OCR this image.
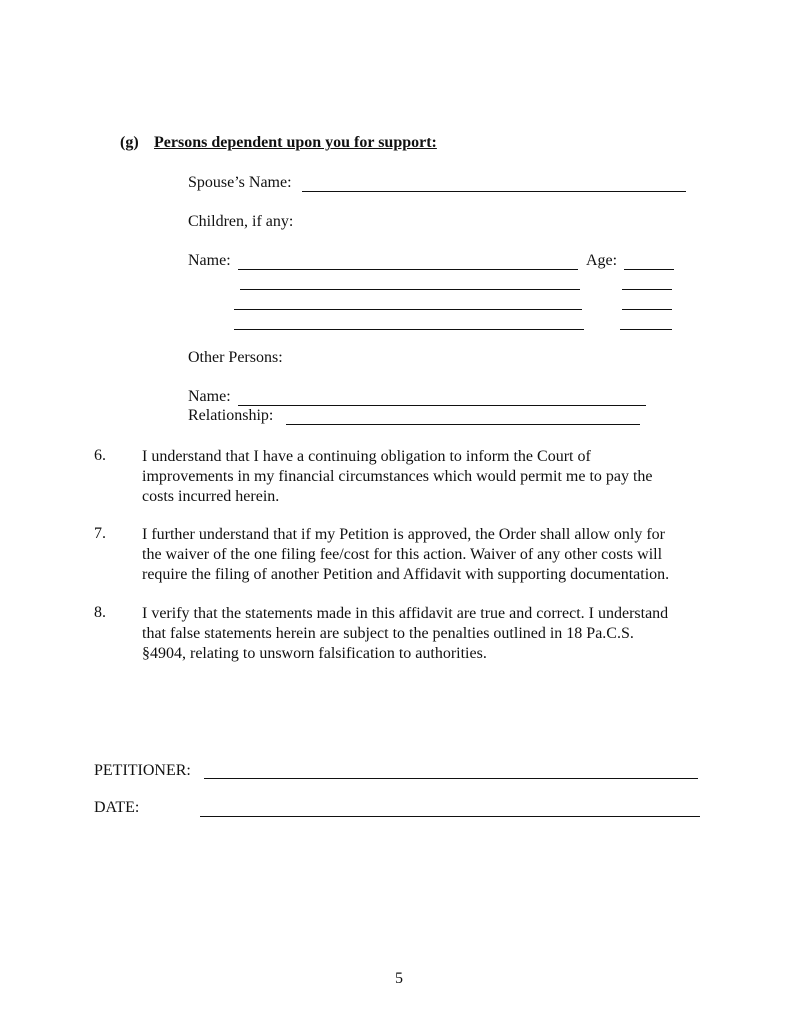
(g) Persons dependent upon you for support:
Spouse’s Name:
Children, if any:
Name:	Age:
Other Persons:
Name:
Relationship:
6. I understand that I have a continuing obligation to inform the Court of
improvements in my financial circumstances which would permit me to pay the
costs incurred herein.
7. I further understand that if my Petition is approved, the Order shall allow only for
the waiver of the one filing fee/cost for this action. Waiver of any other costs will
require the filing of another Petition and Affidavit with supporting documentation.
8. I verify that the statements made in this affidavit are true and correct. I understand
that false statements herein are subject to the penalties outlined in 18 Pa.C.S.
§4904, relating to unsworn falsification to authorities.
PETITIONER:
DATE:
5
